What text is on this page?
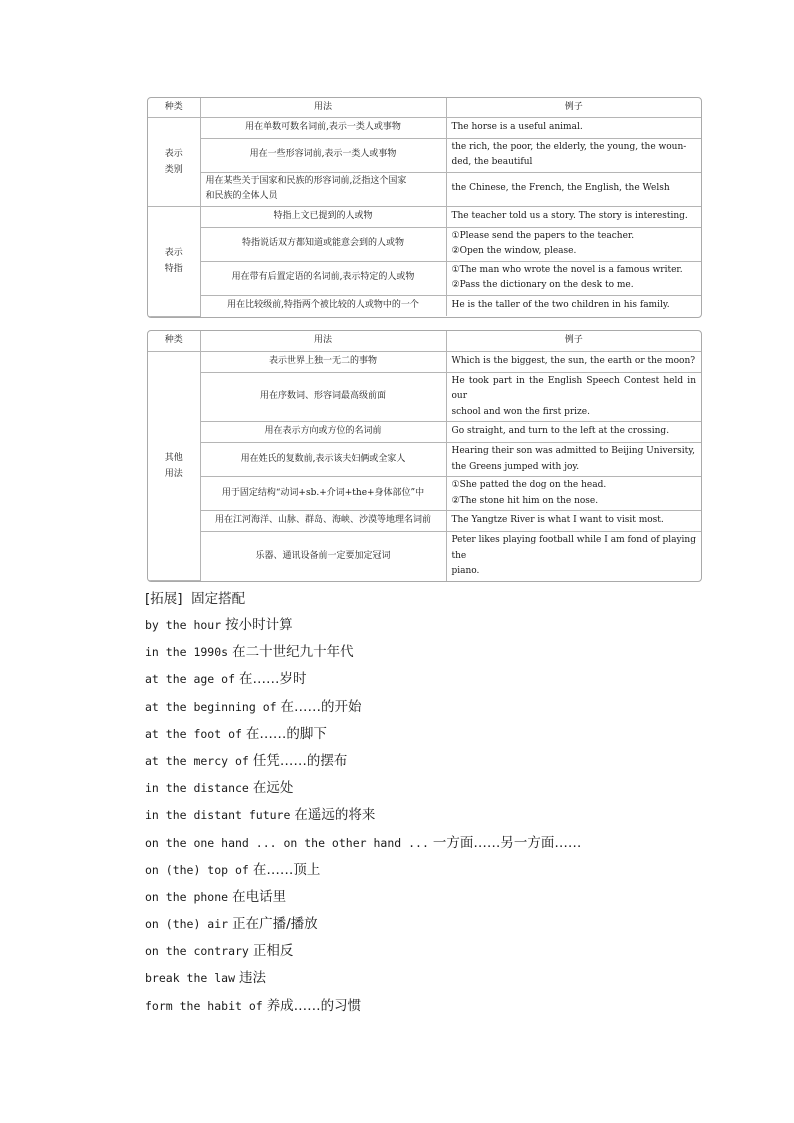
种类	用法	例子

表示
类别	用在单数可数名词前,表示一类人或事物	The horse is a useful animal.

	用在一些形容词前,表示一类人或事物	the rich, the poor, the elderly, the young, the woun-
ded, the beautiful

	用在某些关于国家和民族的形容词前,泛指这个国家
和民族的全体人员	the Chinese, the French, the English, the Welsh

表示
特指	特指上文已提到的人或物	The teacher told us a story. The story is interesting.

	特指说话双方都知道或能意会到的人或物	①Please send the papers to the teacher.
②Open the window, please.

	用在带有后置定语的名词前,表示特定的人或物	①The man who wrote the novel is a famous writer.
②Pass the dictionary on the desk to me.

	用在比较级前,特指两个被比较的人或物中的一个	He is the taller of the two children in his family.
种类	用法	例子

其他
用法	表示世界上独一无二的事物	Which is the biggest, the sun, the earth or the moon?

	用在序数词、形容词最高级前面	He took part in the English Speech Contest held in our
school and won the first prize.

	用在表示方向或方位的名词前	Go straight, and turn to the left at the crossing.

	用在姓氏的复数前,表示该夫妇俩或全家人	Hearing their son was admitted to Beijing University,
the Greens jumped with joy.

	用于固定结构“动词+sb.+介词+the+身体部位”中	①She patted the dog on the head.
②The stone hit him on the nose.

	用在江河海洋、山脉、群岛、海峡、沙漠等地理名词前	The Yangtze River is what I want to visit most.

	乐器、通讯设备前一定要加定冠词	Peter likes playing football while I am fond of playing the
piano.
[拓展] 固定搭配
by the hour 按小时计算
in the 1990s 在二十世纪九十年代
at the age of 在……岁时
at the beginning of 在……的开始
at the foot of 在……的脚下
at the mercy of 任凭……的摆布
in the distance 在远处
in the distant future 在遥远的将来
on the one hand ... on the other hand ... 一方面……另一方面……
on (the) top of 在……顶上
on the phone 在电话里
on (the) air 正在广播/播放
on the contrary 正相反
break the law 违法
form the habit of 养成……的习惯
